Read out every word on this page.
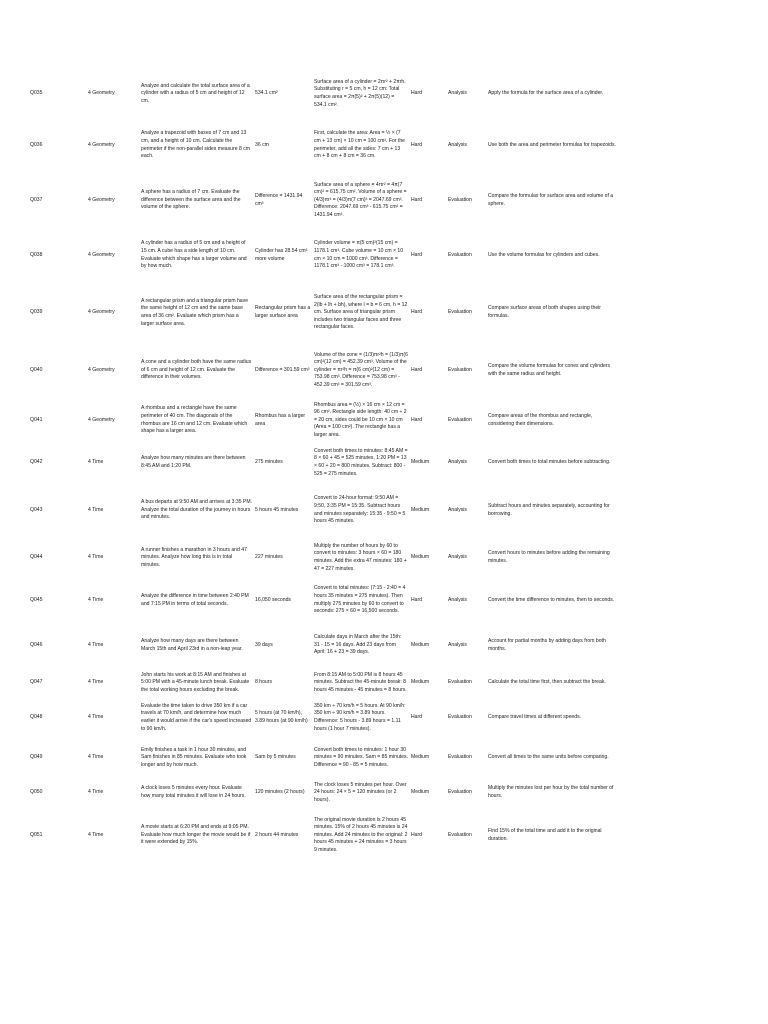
Q035	4 Geometry	Analyze and calculate the total surface area of a cylinder with a radius of 5 cm and height of 12 cm.	534.1 cm²	Surface area of a cylinder = 2πr² + 2πrh. Substituting r = 5 cm, h = 12 cm: Total surface area = 2π(5)² + 2π(5)(12) = 534.1 cm².	Hard	Analysis	Apply the formula for the surface area of a cylinder.
Q036	4 Geometry	Analyze a trapezoid with bases of 7 cm and 13 cm, and a height of 10 cm. Calculate the perimeter if the non-parallel sides measure 8 cm each.	36 cm	First, calculate the area: Area = ½ × (7 cm + 13 cm) × 10 cm = 100 cm². For the perimeter, add all the sides: 7 cm + 13 cm + 8 cm + 8 cm = 36 cm.	Hard	Analysis	Use both the area and perimeter formulas for trapezoids.
Q037	4 Geometry	A sphere has a radius of 7 cm. Evaluate the difference between the surface area and the volume of the sphere.	Difference = 1431.94 cm³	Surface area of a sphere = 4πr² = 4π(7 cm)² = 615.75 cm². Volume of a sphere = (4/3)πr³ = (4/3)π(7 cm)³ = 2047.69 cm³. Difference: 2047.69 cm³ - 615.75 cm² = 1431.94 cm³.	Hard	Evaluation	Compare the formulas for surface area and volume of a sphere.
Q038	4 Geometry	A cylinder has a radius of 5 cm and a height of 15 cm. A cube has a side length of 10 cm. Evaluate which shape has a larger volume and by how much.	Cylinder has 28.54 cm³ more volume	Cylinder volume = π(5 cm)²(15 cm) = 1178.1 cm³. Cube volume = 10 cm × 10 cm × 10 cm = 1000 cm³. Difference = 1178.1 cm³ - 1000 cm³ = 178.1 cm³.	Hard	Evaluation	Use the volume formulas for cylinders and cubes.
Q039	4 Geometry	A rectangular prism and a triangular prism have the same height of 12 cm and the same base area of 36 cm². Evaluate which prism has a larger surface area.	Rectangular prism has a larger surface area	Surface area of the rectangular prism = 2(lb + lh + bh), where l = b = 6 cm, h = 12 cm. Surface area of triangular prism includes two triangular faces and three rectangular faces.	Hard	Evaluation	Compare surface areas of both shapes using their formulas.
Q040	4 Geometry	A cone and a cylinder both have the same radius of 6 cm and height of 12 cm. Evaluate the difference in their volumes.	Difference = 301.59 cm³	Volume of the cone = (1/3)πr²h = (1/3)π(6 cm)²(12 cm) = 452.39 cm³. Volume of the cylinder = πr²h = π(6 cm)²(12 cm) = 753.98 cm³. Difference = 753.98 cm³ - 452.39 cm³ = 301.59 cm³.	Hard	Evaluation	Compare the volume formulas for cones and cylinders with the same radius and height.
Q041	4 Geometry	A rhombus and a rectangle have the same perimeter of 40 cm. The diagonals of the rhombus are 16 cm and 12 cm. Evaluate which shape has a larger area.	Rhombus has a larger area	Rhombus area = (½) × 16 cm × 12 cm = 96 cm². Rectangle side length: 40 cm ÷ 2 = 20 cm, sides could be 10 cm × 10 cm (Area = 100 cm²). The rectangle has a larger area.	Hard	Evaluation	Compare areas of the rhombus and rectangle, considering their dimensions.
Q042	4 Time	Analyze how many minutes are there between 8:45 AM and 1:20 PM.	275 minutes	Convert both times to minutes: 8:45 AM = 8 × 60 + 45 = 525 minutes, 1:20 PM = 13 × 60 + 20 = 800 minutes. Subtract: 800 - 525 = 275 minutes.	Medium	Analysis	Convert both times to total minutes before subtracting.
Q043	4 Time	A bus departs at 9:50 AM and arrives at 3:35 PM. Analyze the total duration of the journey in hours and minutes.	5 hours 45 minutes	Convert to 24-hour format: 9:50 AM = 9:50, 3:35 PM = 15:35. Subtract hours and minutes separately: 15:35 - 9:50 = 5 hours 45 minutes.	Medium	Analysis	Subtract hours and minutes separately, accounting for borrowing.
Q044	4 Time	A runner finishes a marathon in 3 hours and 47 minutes. Analyze how long this is in total minutes.	227 minutes	Multiply the number of hours by 60 to convert to minutes: 3 hours × 60 = 180 minutes. Add the extra 47 minutes: 180 + 47 = 227 minutes.	Medium	Analysis	Convert hours to minutes before adding the remaining minutes.
Q045	4 Time	Analyze the difference in time between 2:40 PM and 7:15 PM in terms of total seconds.	16,050 seconds	Convert to total minutes: (7:15 - 2:40 = 4 hours 35 minutes = 275 minutes). Then multiply 275 minutes by 60 to convert to seconds: 275 × 60 = 16,500 seconds.	Hard	Analysis	Convert the time difference to minutes, then to seconds.
Q046	4 Time	Analyze how many days are there between March 15th and April 23rd in a non-leap year.	39 days	Calculate days in March after the 15th: 31 - 15 = 16 days. Add 23 days from April: 16 + 23 = 39 days.	Medium	Analysis	Account for partial months by adding days from both months.
Q047	4 Time	John starts his work at 8:15 AM and finishes at 5:00 PM with a 45-minute lunch break. Evaluate the total working hours excluding the break.	8 hours	From 8:15 AM to 5:00 PM is 8 hours 45 minutes. Subtract the 45-minute break: 8 hours 45 minutes - 45 minutes = 8 hours.	Medium	Evaluation	Calculate the total time first, then subtract the break.
Q048	4 Time	Evaluate the time taken to drive 350 km if a car travels at 70 km/h, and determine how much earlier it would arrive if the car's speed increased to 90 km/h.	5 hours (at 70 km/h), 3.89 hours (at 90 km/h)	350 km ÷ 70 km/h = 5 hours. At 90 km/h: 350 km ÷ 90 km/h = 3.89 hours. Difference: 5 hours - 3.89 hours = 1.11 hours (1 hour 7 minutes).	Hard	Evaluation	Compare travel times at different speeds.
Q049	4 Time	Emily finishes a task in 1 hour 30 minutes, and Sam finishes in 85 minutes. Evaluate who took longer and by how much.	Sam by 5 minutes	Convert both times to minutes: 1 hour 30 minutes = 90 minutes. Sam = 85 minutes. Difference = 90 - 85 = 5 minutes.	Medium	Evaluation	Convert all times to the same units before comparing.
Q050	4 Time	A clock loses 5 minutes every hour. Evaluate how many total minutes it will lose in 24 hours.	120 minutes (2 hours)	The clock loses 5 minutes per hour. Over 24 hours: 24 × 5 = 120 minutes (or 2 hours).	Medium	Evaluation	Multiply the minutes lost per hour by the total number of hours.
Q051	4 Time	A movie starts at 6:20 PM and ends at 9:05 PM. Evaluate how much longer the movie would be if it were extended by 15%.	2 hours 44 minutes	The original movie duration is 2 hours 45 minutes. 15% of 2 hours 45 minutes is 24 minutes. Add 24 minutes to the original: 2 hours 45 minutes + 24 minutes = 3 hours 9 minutes.	Hard	Evaluation	Find 15% of the total time and add it to the original duration.
